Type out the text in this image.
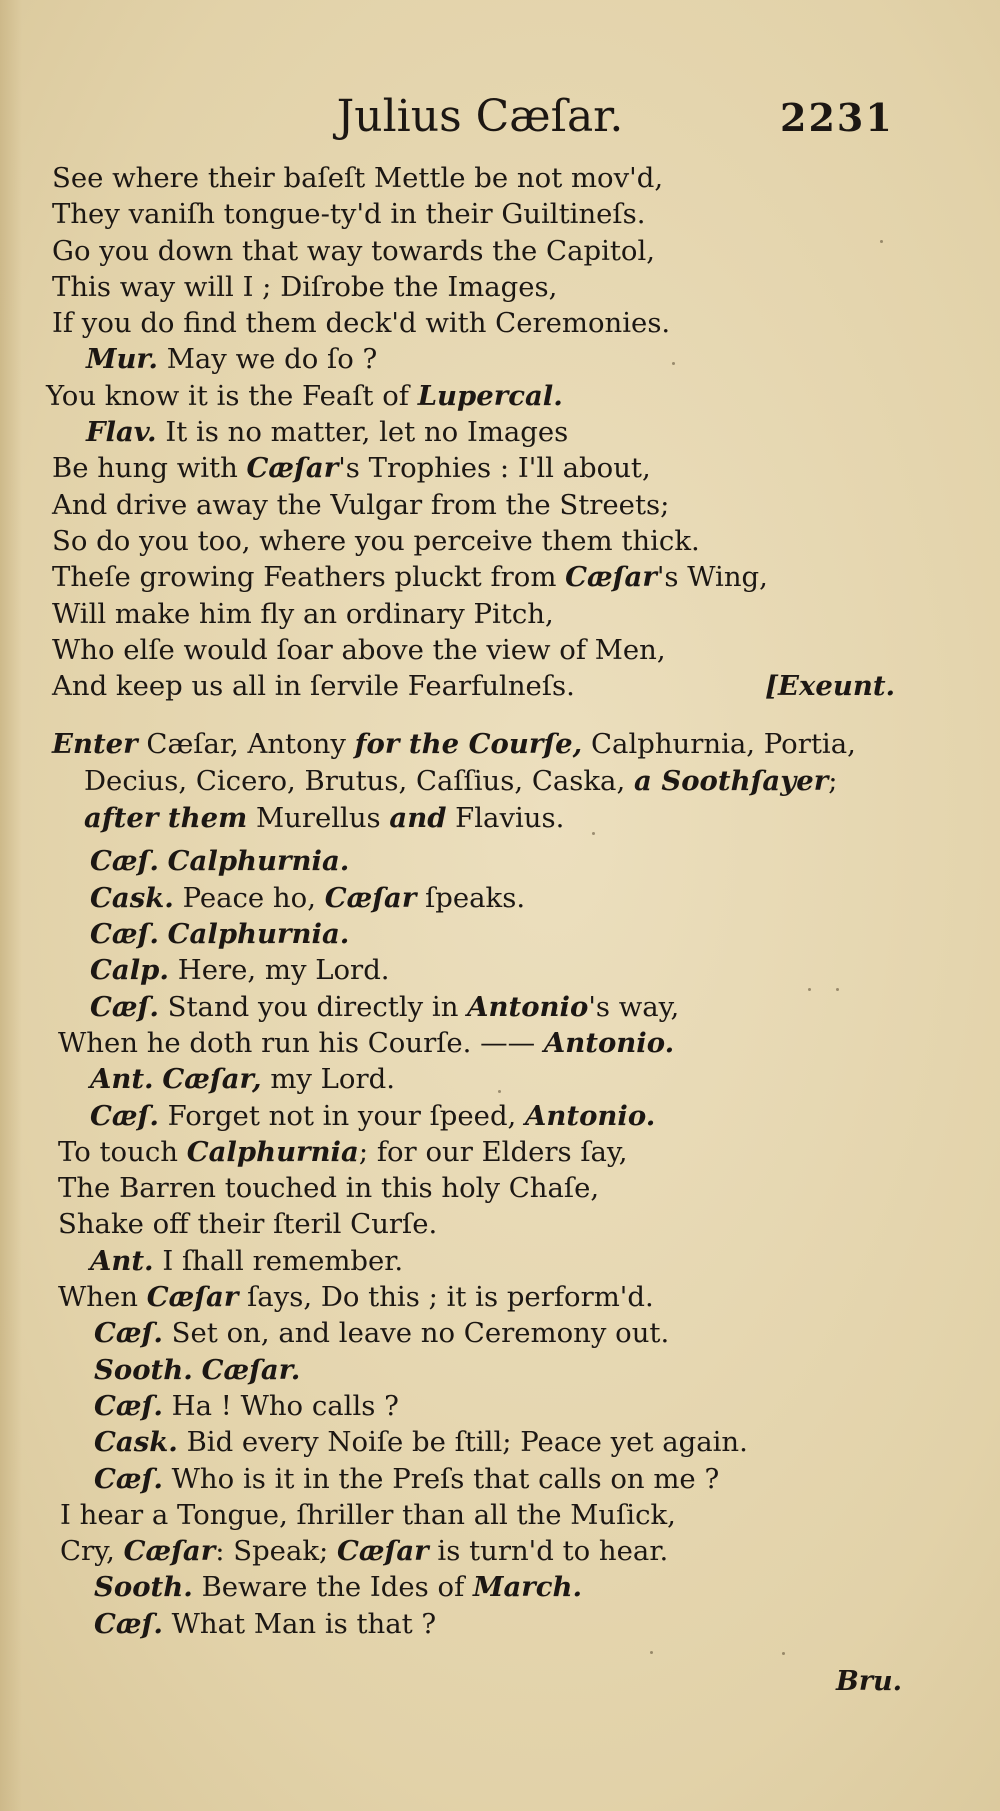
Julius Cæſar.	2231
See where their baſeſt Mettle be not mov'd,
They vaniſh tongue-ty'd in their Guiltineſs.
Go you down that way towards the Capitol,
This way will I ; Diſrobe the Images,
If you do find them deck'd with Ceremonies.
Mur. May we do ſo ?
You know it is the Feaſt of Lupercal.
Flav. It is no matter, let no Images
Be hung with Cæſar's Trophies : I'll about,
And drive away the Vulgar from the Streets;
So do you too, where you perceive them thick.
Theſe growing Feathers pluckt from Cæſar's Wing,
Will make him fly an ordinary Pitch,
Who elſe would ſoar above the view of Men,
And keep us all in ſervile Fearfulneſs.	[Exeunt.
Enter Cæſar, Antony for the Courſe, Calphurnia, Portia,
Decius, Cicero, Brutus, Caſſius, Caska, a Soothſayer;
after them Murellus and Flavius.
Cæſ. Calphurnia.
Cask. Peace ho, Cæſar ſpeaks.
Cæſ. Calphurnia.
Calp. Here, my Lord.
Cæſ. Stand you directly in Antonio's way,
When he doth run his Courſe. —— Antonio.
Ant. Cæſar, my Lord.
Cæſ. Forget not in your ſpeed, Antonio.
To touch Calphurnia; for our Elders ſay,
The Barren touched in this holy Chaſe,
Shake off their ſteril Curſe.
Ant. I ſhall remember.
When Cæſar ſays, Do this ; it is perform'd.
Cæſ. Set on, and leave no Ceremony out.
Sooth. Cæſar.
Cæſ. Ha ! Who calls ?
Cask. Bid every Noiſe be ſtill; Peace yet again.
Cæſ. Who is it in the Preſs that calls on me ?
I hear a Tongue, ſhriller than all the Muſick,
Cry, Cæſar: Speak; Cæſar is turn'd to hear.
Sooth. Beware the Ides of March.
Cæſ. What Man is that ?
Bru.
